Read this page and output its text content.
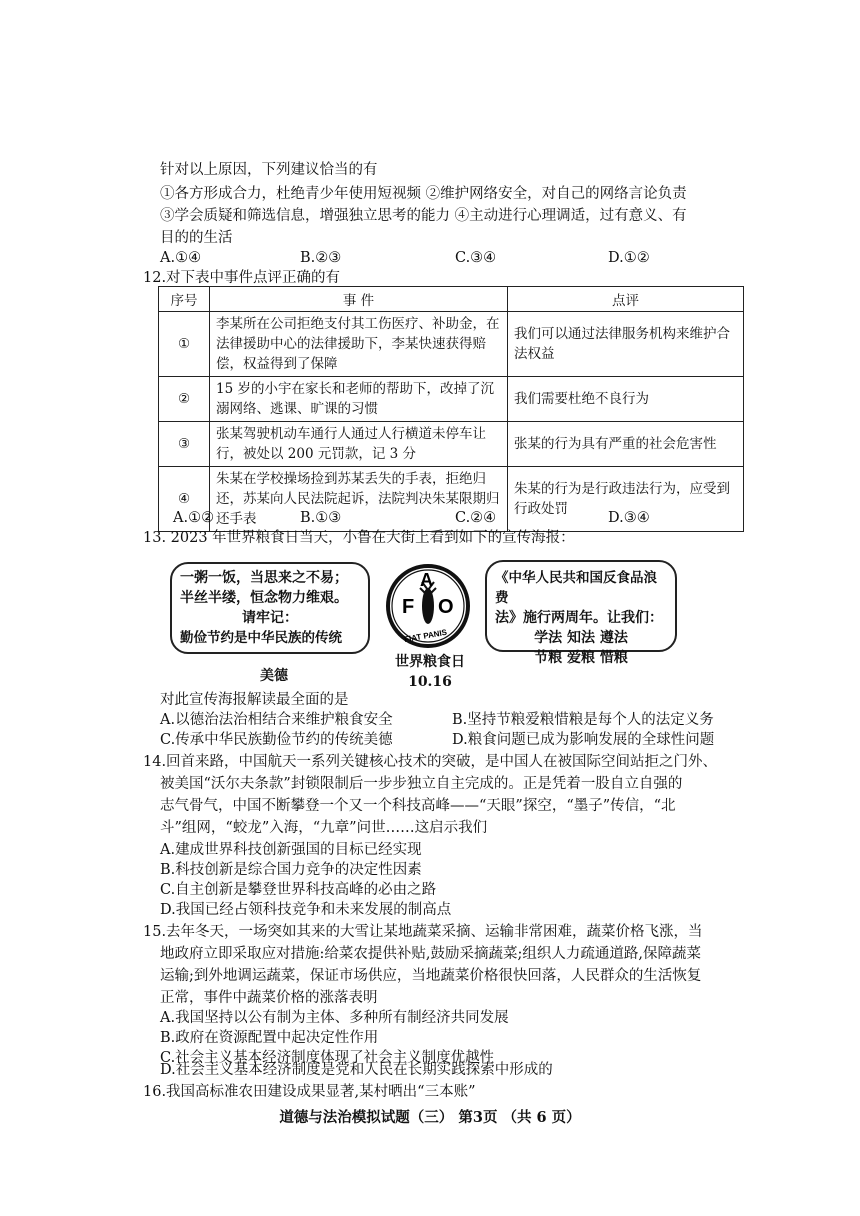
针对以上原因，下列建议恰当的有
①各方形成合力，杜绝青少年使用短视频 ②维护网络安全，对自己的网络言论负责
③学会质疑和筛选信息，增强独立思考的能力 ④主动进行心理调适，过有意义、有
目的的生活
A.①④	B.②③	C.③④	D.①②
12.对下表中事件点评正确的有
序号	事 件	点评
①	李某所在公司拒绝支付其工伤医疗、补助金，在法律援助中心的法律援助下，李某快速获得赔偿，权益得到了保障	我们可以通过法律服务机构来维护合法权益
②	15 岁的小宇在家长和老师的帮助下，改掉了沉溺网络、逃课、旷课的习惯	我们需要杜绝不良行为
③	张某驾驶机动车通行人通过人行横道未停车让行，被处以 200 元罚款，记 3 分	张某的行为具有严重的社会危害性
④	朱某在学校操场捡到苏某丢失的手表，拒绝归还，苏某向人民法院起诉，法院判决朱某限期归还手表	朱某的行为是行政违法行为，应受到行政处罚
A.①②	B.①③	C.②④	D.③④
13. 2023 年世界粮食日当天，小鲁在大街上看到如下的宣传海报：
一粥一饭，当思来之不易；
半丝半缕，恒念物力维艰。
请牢记：
勤俭节约是中华民族的传统
美德
F
A
O
FIAT PANIS
世界粮食日
10.16
《中华人民共和国反食品浪费
法》施行两周年。让我们：
学法 知法 遵法
节粮 爱粮 惜粮
对此宣传海报解读最全面的是
A.以德治法治相结合来维护粮食安全	B.坚持节粮爱粮惜粮是每个人的法定义务
C.传承中华民族勤俭节约的传统美德	D.粮食问题已成为影响发展的全球性问题
14.回首来路，中国航天一系列关键核心技术的突破，是中国人在被国际空间站拒之门外、
被美国“沃尔夫条款”封锁限制后一步步独立自主完成的。正是凭着一股自立自强的
志气骨气，中国不断攀登一个又一个科技高峰——“天眼”探空，“墨子”传信，“北
斗”组网，“蛟龙”入海，“九章”问世……这启示我们
A.建成世界科技创新强国的目标已经实现
B.科技创新是综合国力竞争的决定性因素
C.自主创新是攀登世界科技高峰的必由之路
D.我国已经占领科技竞争和未来发展的制高点
15.去年冬天，一场突如其来的大雪让某地蔬菜采摘、运输非常困难，蔬菜价格飞涨，当
地政府立即采取应对措施:给菜农提供补贴,鼓励采摘蔬菜;组织人力疏通道路,保障蔬菜
运输;到外地调运蔬菜，保证市场供应，当地蔬菜价格很快回落，人民群众的生活恢复
正常，事件中蔬菜价格的涨落表明
A.我国坚持以公有制为主体、多种所有制经济共同发展
B.政府在资源配置中起决定性作用
C.社会主义基本经济制度体现了社会主义制度优越性
D.社会主义基本经济制度是党和人民在长期实践探索中形成的
16.我国高标准农田建设成果显著,某村晒出“三本账”
道德与法治模拟试题（三） 第3页 （共 6 页）
